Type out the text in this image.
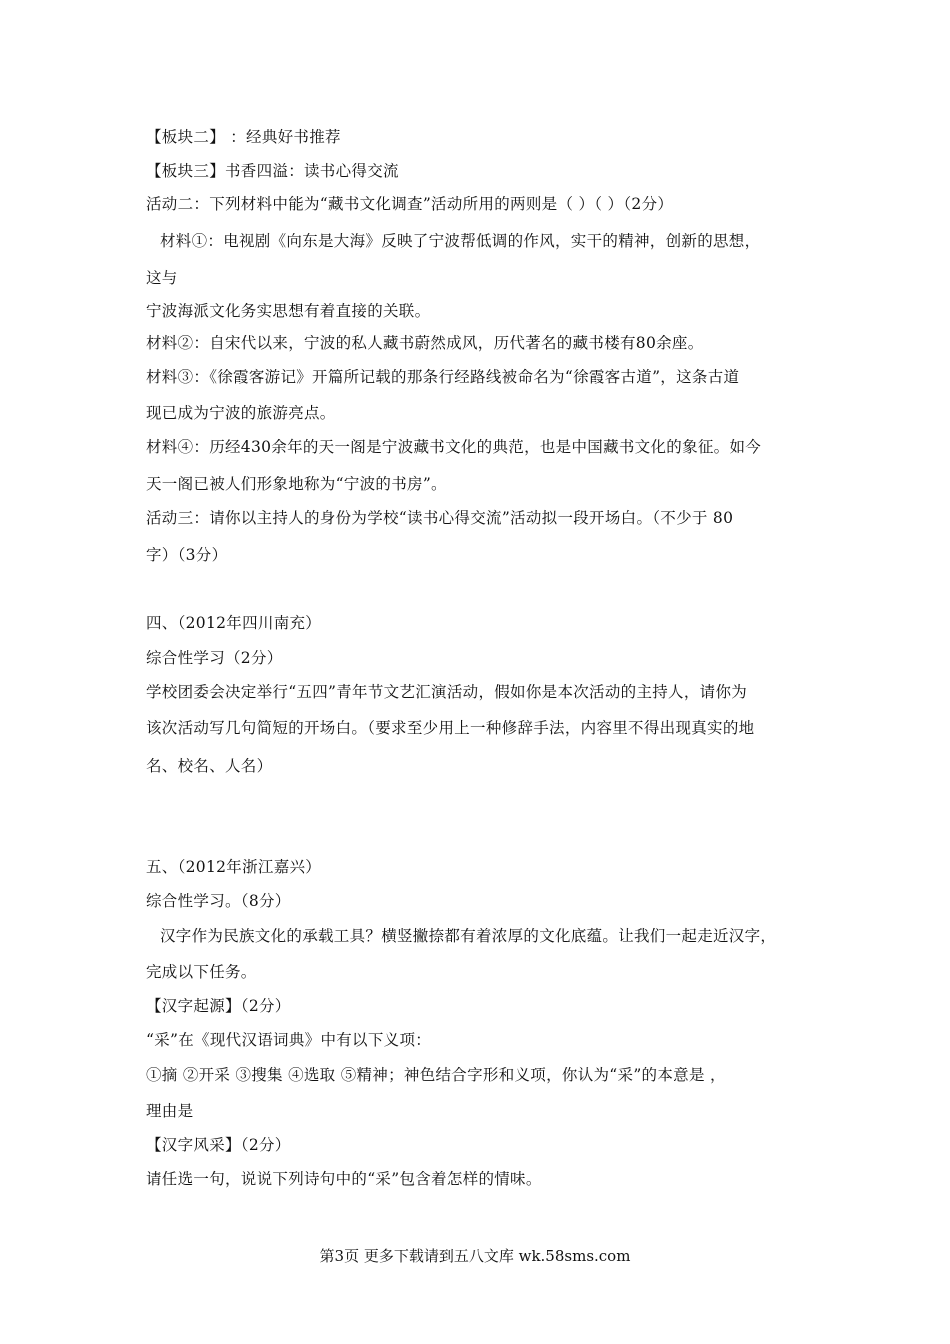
【板块二】 ：经典好书推荐
【板块三】书香四溢：读书心得交流
活动二：下列材料中能为“藏书文化调查”活动所用的两则是（ ）（ ）（2分）
材料①：电视剧《向东是大海》反映了宁波帮低调的作风，实干的精神，创新的思想，
这与
宁波海派文化务实思想有着直接的关联。
材料②：自宋代以来，宁波的私人藏书蔚然成风，历代著名的藏书楼有80余座。
材料③：《徐霞客游记》开篇所记载的那条行经路线被命名为“徐霞客古道”，这条古道
现已成为宁波的旅游亮点。
材料④：历经430余年的天一阁是宁波藏书文化的典范，也是中国藏书文化的象征。如今
天一阁已被人们形象地称为“宁波的书房”。
活动三：请你以主持人的身份为学校“读书心得交流”活动拟一段开场白。（不少于 80
字）（3分）
四、（2012年四川南充）
综合性学习（2分）
学校团委会决定举行“五四”青年节文艺汇演活动，假如你是本次活动的主持人，请你为
该次活动写几句简短的开场白。（要求至少用上一种修辞手法，内容里不得出现真实的地
名、校名、人名）
五、（2012年浙江嘉兴）
综合性学习。（8分）
汉字作为民族文化的承载工具？横竖撇捺都有着浓厚的文化底蕴。让我们一起走近汉字，
完成以下任务。
【汉字起源】（2分）
“采”在《现代汉语词典》中有以下义项：
①摘 ②开采 ③搜集 ④选取 ⑤精神；神色结合字形和义项，你认为“采”的本意是 ，
理由是
【汉字风采】（2分）
请任选一句，说说下列诗句中的“采”包含着怎样的情味。
第3页 更多下载请到五八文库 wk.58sms.com
